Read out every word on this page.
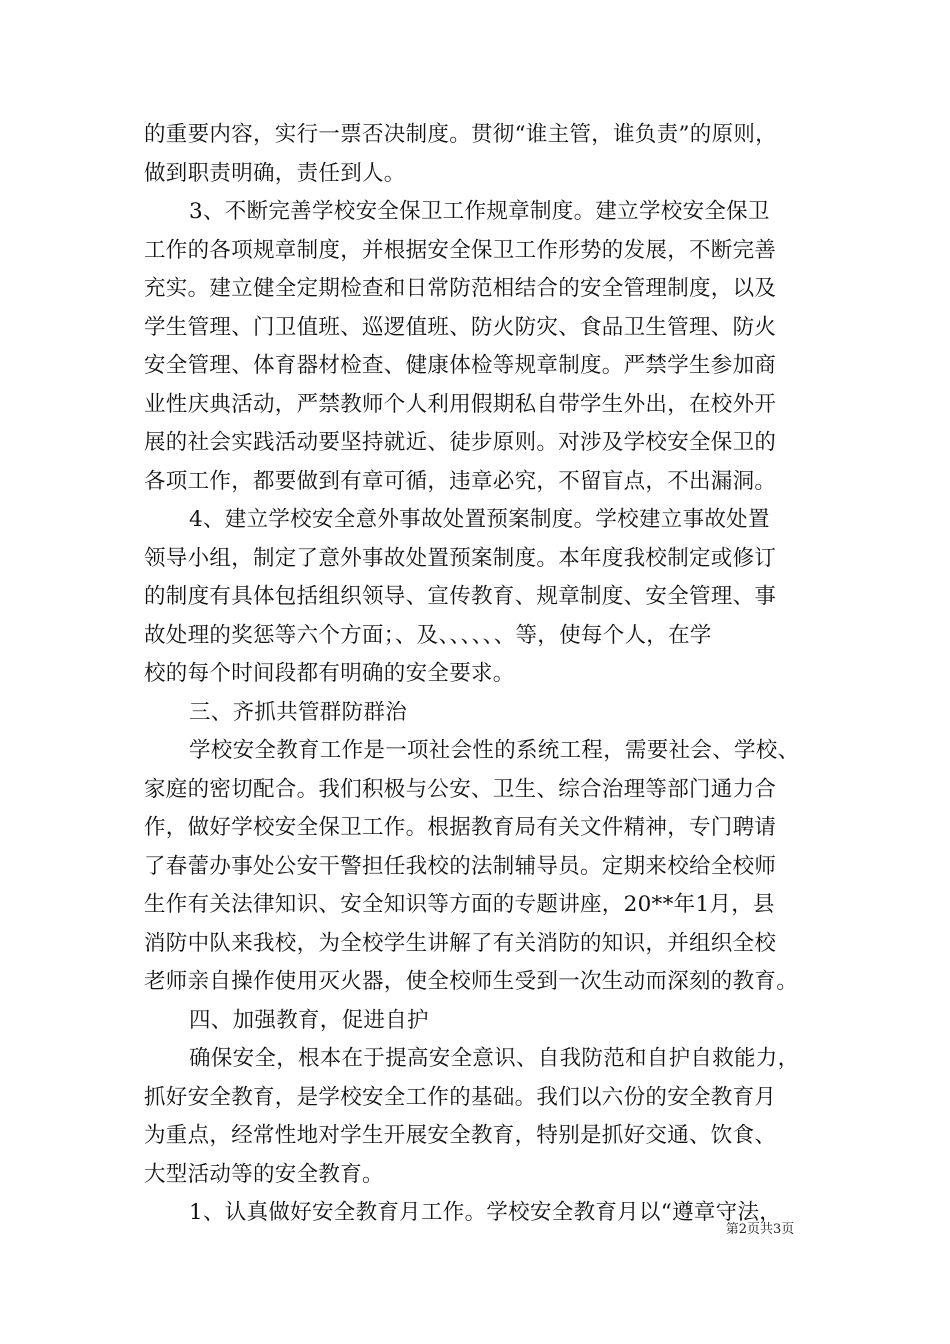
的重要内容，实行一票否决制度。贯彻“谁主管，谁负责”的原则，
做到职责明确，责任到人。
3、不断完善学校安全保卫工作规章制度。建立学校安全保卫
工作的各项规章制度，并根据安全保卫工作形势的发展，不断完善
充实。建立健全定期检查和日常防范相结合的安全管理制度，以及
学生管理、门卫值班、巡逻值班、防火防灾、食品卫生管理、防火
安全管理、体育器材检查、健康体检等规章制度。严禁学生参加商
业性庆典活动，严禁教师个人利用假期私自带学生外出，在校外开
展的社会实践活动要坚持就近、徒步原则。对涉及学校安全保卫的
各项工作，都要做到有章可循，违章必究，不留盲点，不出漏洞。
4、建立学校安全意外事故处置预案制度。学校建立事故处置
领导小组，制定了意外事故处置预案制度。本年度我校制定或修订
的制度有具体包括组织领导、宣传教育、规章制度、安全管理、事
故处理的奖惩等六个方面；、及、、、、、、等，使每个人，在学
校的每个时间段都有明确的安全要求。
三、齐抓共管群防群治
学校安全教育工作是一项社会性的系统工程，需要社会、学校、
家庭的密切配合。我们积极与公安、卫生、综合治理等部门通力合
作，做好学校安全保卫工作。根据教育局有关文件精神，专门聘请
了春蕾办事处公安干警担任我校的法制辅导员。定期来校给全校师
生作有关法律知识、安全知识等方面的专题讲座，20**年1月，县
消防中队来我校，为全校学生讲解了有关消防的知识，并组织全校
老师亲自操作使用灭火器，使全校师生受到一次生动而深刻的教育。
四、加强教育，促进自护
确保安全，根本在于提高安全意识、自我防范和自护自救能力，
抓好安全教育，是学校安全工作的基础。我们以六份的安全教育月
为重点，经常性地对学生开展安全教育，特别是抓好交通、饮食、
大型活动等的安全教育。
1、认真做好安全教育月工作。学校安全教育月以“遵章守法，
第2页共3页
